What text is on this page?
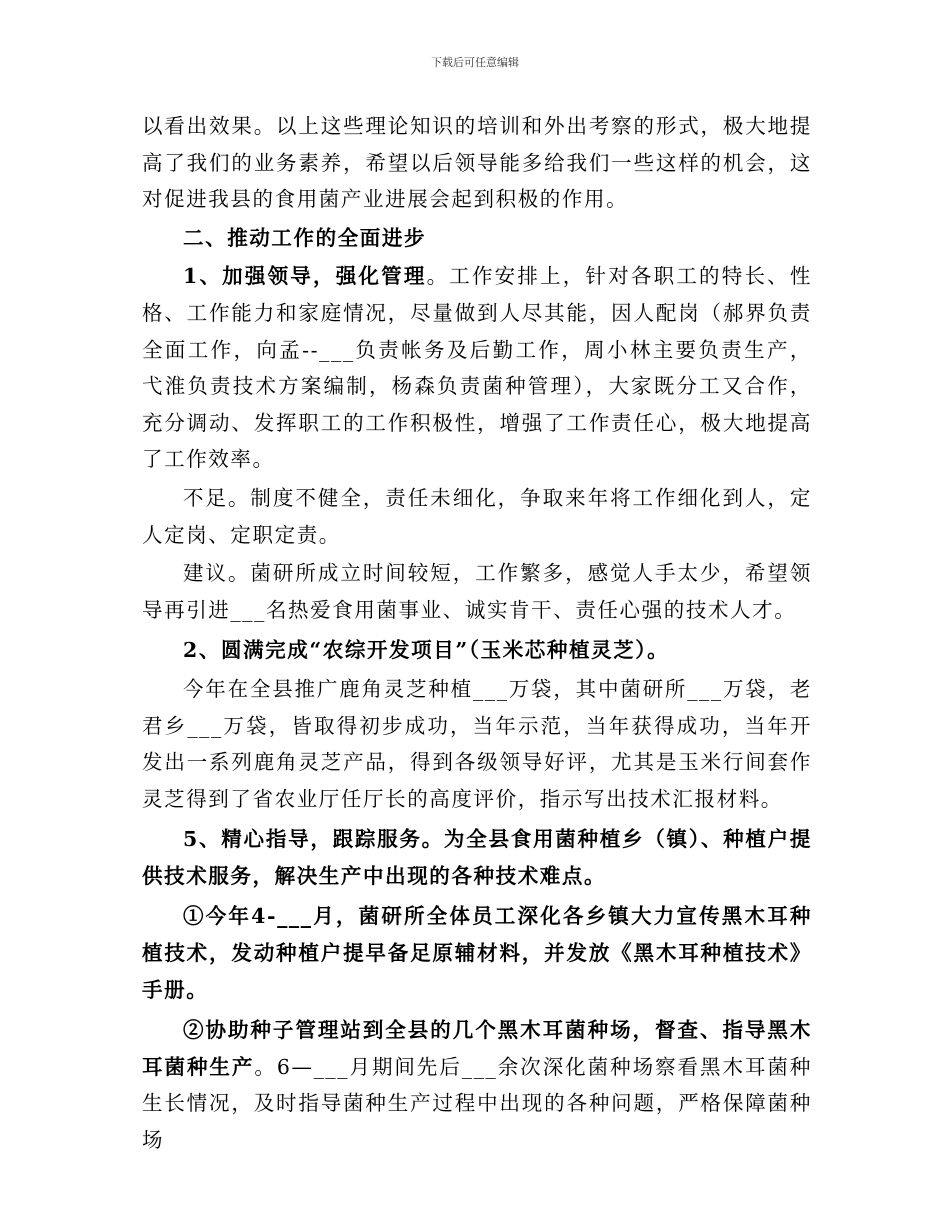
下载后可任意编辑

以看出效果。以上这些理论知识的培训和外出考察的形式，极大地提高了我们的业务素养，希望以后领导能多给我们一些这样的机会，这对促进我县的食用菌产业进展会起到积极的作用。

二、推动工作的全面进步

1、加强领导，强化管理。工作安排上，针对各职工的特长、性格、工作能力和家庭情况，尽量做到人尽其能，因人配岗（郝界负责全面工作，向孟--___负责帐务及后勤工作，周小林主要负责生产，弋淮负责技术方案编制，杨森负责菌种管理），大家既分工又合作，充分调动、发挥职工的工作积极性，增强了工作责任心，极大地提高了工作效率。

不足。制度不健全，责任未细化，争取来年将工作细化到人，定人定岗、定职定责。

建议。菌研所成立时间较短，工作繁多，感觉人手太少，希望领导再引进___名热爱食用菌事业、诚实肯干、责任心强的技术人才。

2、圆满完成“农综开发项目”（玉米芯种植灵芝）。

今年在全县推广鹿角灵芝种植___万袋，其中菌研所___万袋，老君乡___万袋，皆取得初步成功，当年示范，当年获得成功，当年开发出一系列鹿角灵芝产品，得到各级领导好评，尤其是玉米行间套作灵芝得到了省农业厅任厅长的高度评价，指示写出技术汇报材料。

5、精心指导，跟踪服务。为全县食用菌种植乡（镇）、种植户提供技术服务，解决生产中出现的各种技术难点。

①今年4-___月，菌研所全体员工深化各乡镇大力宣传黑木耳种植技术，发动种植户提早备足原辅材料，并发放《黑木耳种植技术》手册。

②协助种子管理站到全县的几个黑木耳菌种场，督查、指导黑木耳菌种生产。6—___月期间先后___余次深化菌种场察看黑木耳菌种生长情况，及时指导菌种生产过程中出现的各种问题，严格保障菌种场
